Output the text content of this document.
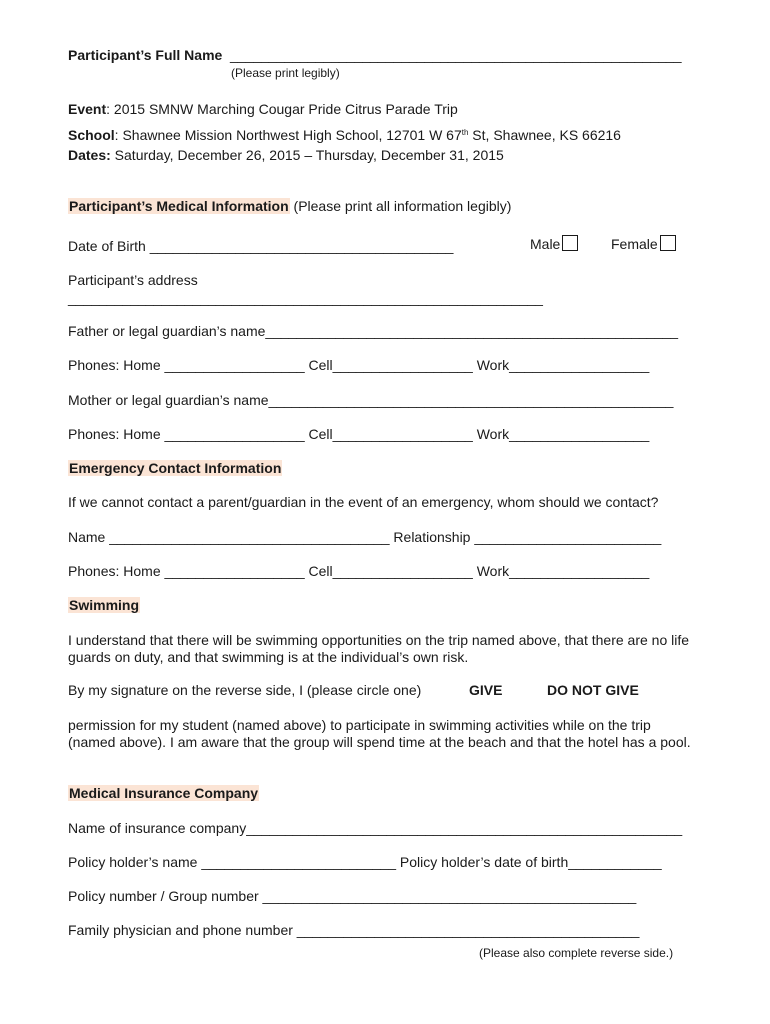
Participant’s Full Name __________________________________________________________
(Please print legibly)
Event: 2015 SMNW Marching Cougar Pride Citrus Parade Trip
School: Shawnee Mission Northwest High School, 12701 W 67th St, Shawnee, KS 66216
Dates: Saturday, December 26, 2015 – Thursday, December 31, 2015
Participant’s Medical Information (Please print all information legibly)
Date of Birth _______________________________________	Male	Female
Participant’s address
_____________________________________________________________
Father or legal guardian’s name_____________________________________________________
Phones: Home __________________ Cell__________________ Work__________________
Mother or legal guardian’s name____________________________________________________
Phones: Home __________________ Cell__________________ Work__________________
Emergency Contact Information
If we cannot contact a parent/guardian in the event of an emergency, whom should we contact?
Name ____________________________________ Relationship ________________________
Phones: Home __________________ Cell__________________ Work__________________
Swimming
I understand that there will be swimming opportunities on the trip named above, that there are no life guards on duty, and that swimming is at the individual’s own risk.
By my signature on the reverse side, I (please circle one)	GIVE	DO NOT GIVE
permission for my student (named above) to participate in swimming activities while on the trip (named above). I am aware that the group will spend time at the beach and that the hotel has a pool.
Medical Insurance Company
Name of insurance company________________________________________________________
Policy holder’s name _________________________ Policy holder’s date of birth____________
Policy number / Group number ________________________________________________
Family physician and phone number ____________________________________________
(Please also complete reverse side.)
